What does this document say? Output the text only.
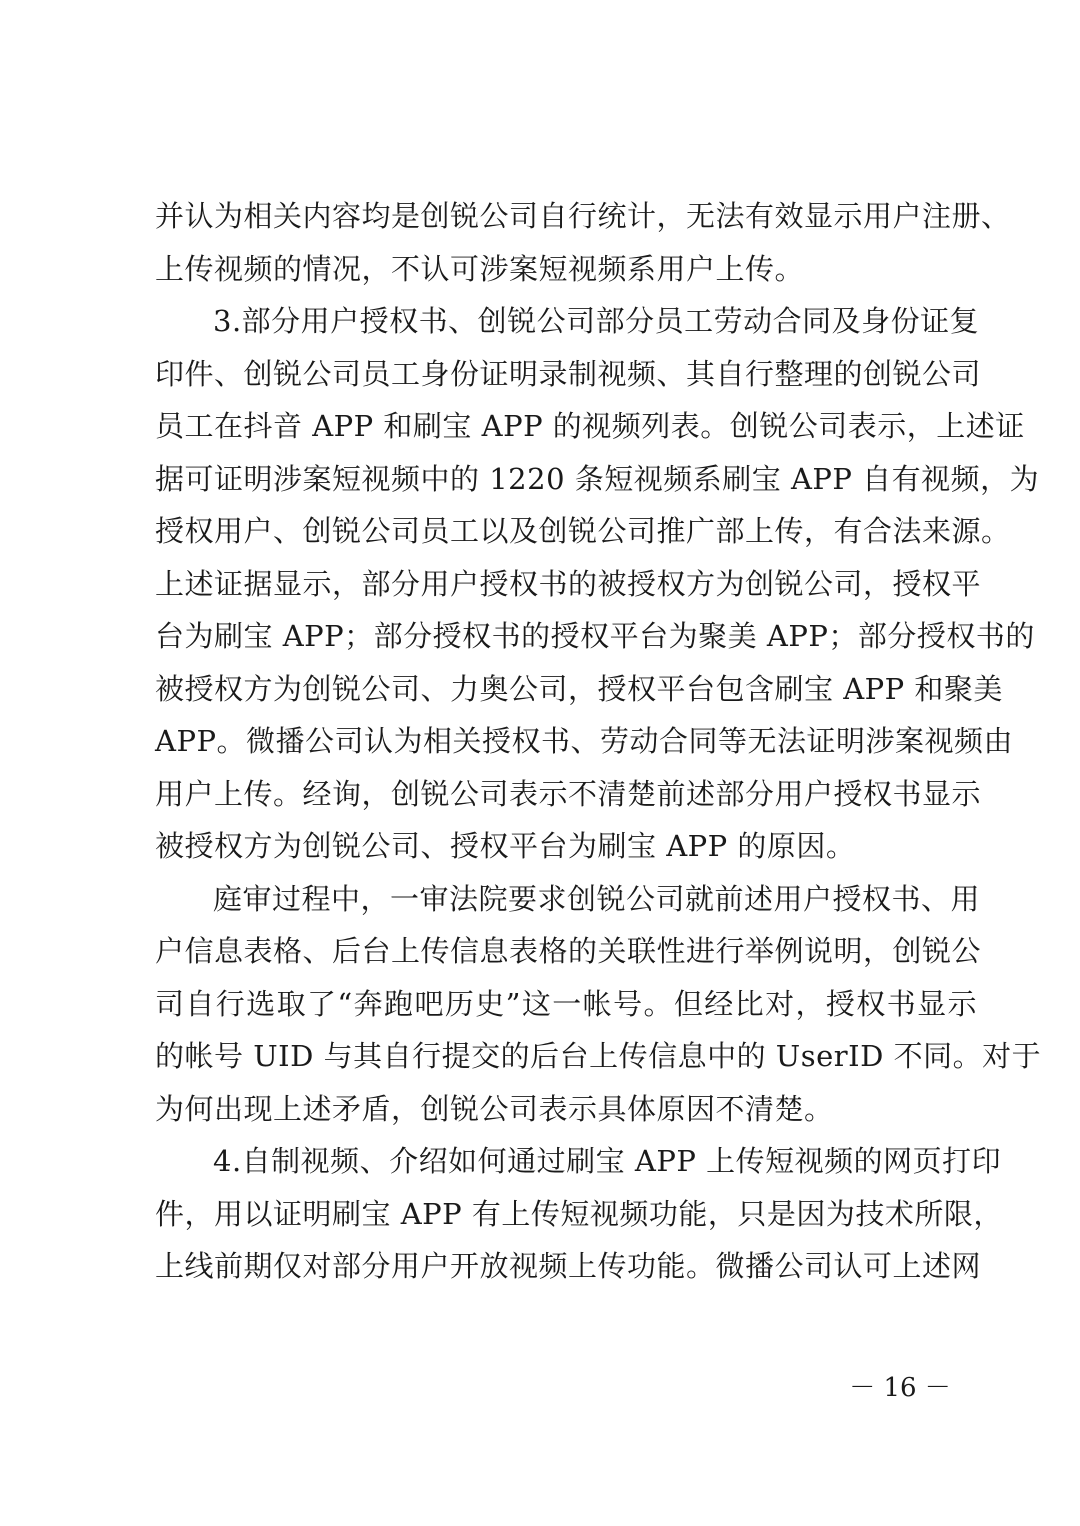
并认为相关内容均是创锐公司自行统计，无法有效显示用户注册、
上传视频的情况，不认可涉案短视频系用户上传。
3.部分用户授权书、创锐公司部分员工劳动合同及身份证复
印件、创锐公司员工身份证明录制视频、其自行整理的创锐公司
员工在抖音 APP 和刷宝 APP 的视频列表。创锐公司表示，上述证
据可证明涉案短视频中的 1220 条短视频系刷宝 APP 自有视频，为
授权用户、创锐公司员工以及创锐公司推广部上传，有合法来源。
上述证据显示，部分用户授权书的被授权方为创锐公司，授权平
台为刷宝 APP；部分授权书的授权平台为聚美 APP；部分授权书的
被授权方为创锐公司、力奥公司，授权平台包含刷宝 APP 和聚美
APP。微播公司认为相关授权书、劳动合同等无法证明涉案视频由
用户上传。经询，创锐公司表示不清楚前述部分用户授权书显示
被授权方为创锐公司、授权平台为刷宝 APP 的原因。
庭审过程中，一审法院要求创锐公司就前述用户授权书、用
户信息表格、后台上传信息表格的关联性进行举例说明，创锐公
司自行选取了“奔跑吧历史”这一帐号。但经比对，授权书显示
的帐号 UID 与其自行提交的后台上传信息中的 UserID 不同。对于
为何出现上述矛盾，创锐公司表示具体原因不清楚。
4.自制视频、介绍如何通过刷宝 APP 上传短视频的网页打印
件，用以证明刷宝 APP 有上传短视频功能，只是因为技术所限，
上线前期仅对部分用户开放视频上传功能。微播公司认可上述网
－ 16 －
